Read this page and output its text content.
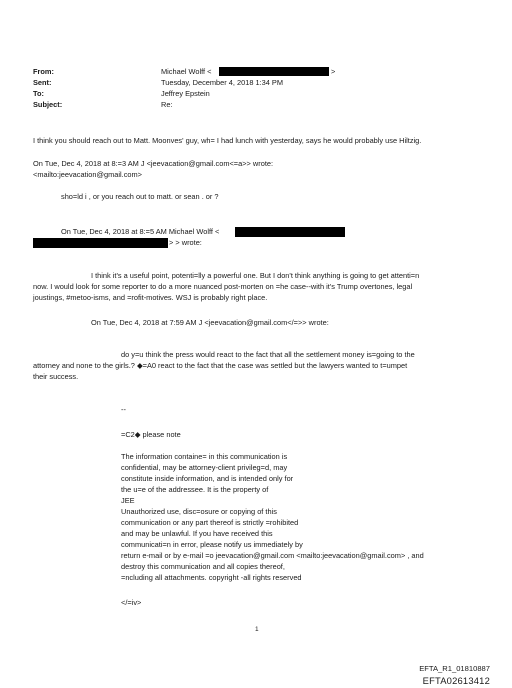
From:
Sent:
To:
Subject:
Michael Wolff <	>
Tuesday, December 4, 2018 1:34 PM
Jeffrey Epstein
Re:
I think you should reach out to Matt. Moonves' guy, wh= I had lunch with yesterday, says he would probably use Hiltzig.
On Tue, Dec 4, 2018 at 8:=3 AM J <jeevacation@gmail.com<=a>> wrote:
<mailto:jeevacation@gmail.com>
sho=ld i , or you reach out to matt. or sean . or ?
On Tue, Dec 4, 2018 at 8:=5 AM Michael Wolff <
> > wrote:
I think it's a useful point, potenti=lly a powerful one. But I don't think anything is going to get attenti=n
now. I would look for some reporter to do a more nuanced post-morten on =he case--with it's Trump overtones, legal
joustings, #metoo-isms, and =rofit-motives. WSJ is probably right place.
On Tue, Dec 4, 2018 at 7:59 AM J <jeevacation@gmail.com</=>> wrote:
do y=u think the press would react to the fact that all the settlement money is=going to the
attorney and none to the girls.? ◆=A0 react to the fact that the case was settled but the lawyers wanted to t=umpet
their success.
--
=C2◆ please note
The information containe= in this communication is
confidential, may be attorney-client privileg=d, may
constitute inside information, and is intended only for
the u=e of the addressee. It is the property of
JEE
Unauthorized use, disc=osure or copying of this
communication or any part thereof is strictly =rohibited
and may be unlawful. If you have received this
communicati=n in error, please notify us immediately by
return e-mail or by e-mail =o jeevacation@gmail.com <mailto:jeevacation@gmail.com> , and
destroy this communication and all copies thereof,
=ncluding all attachments. copyright -all rights reserved
</=iv>
1
EFTA_R1_01810887
EFTA02613412
